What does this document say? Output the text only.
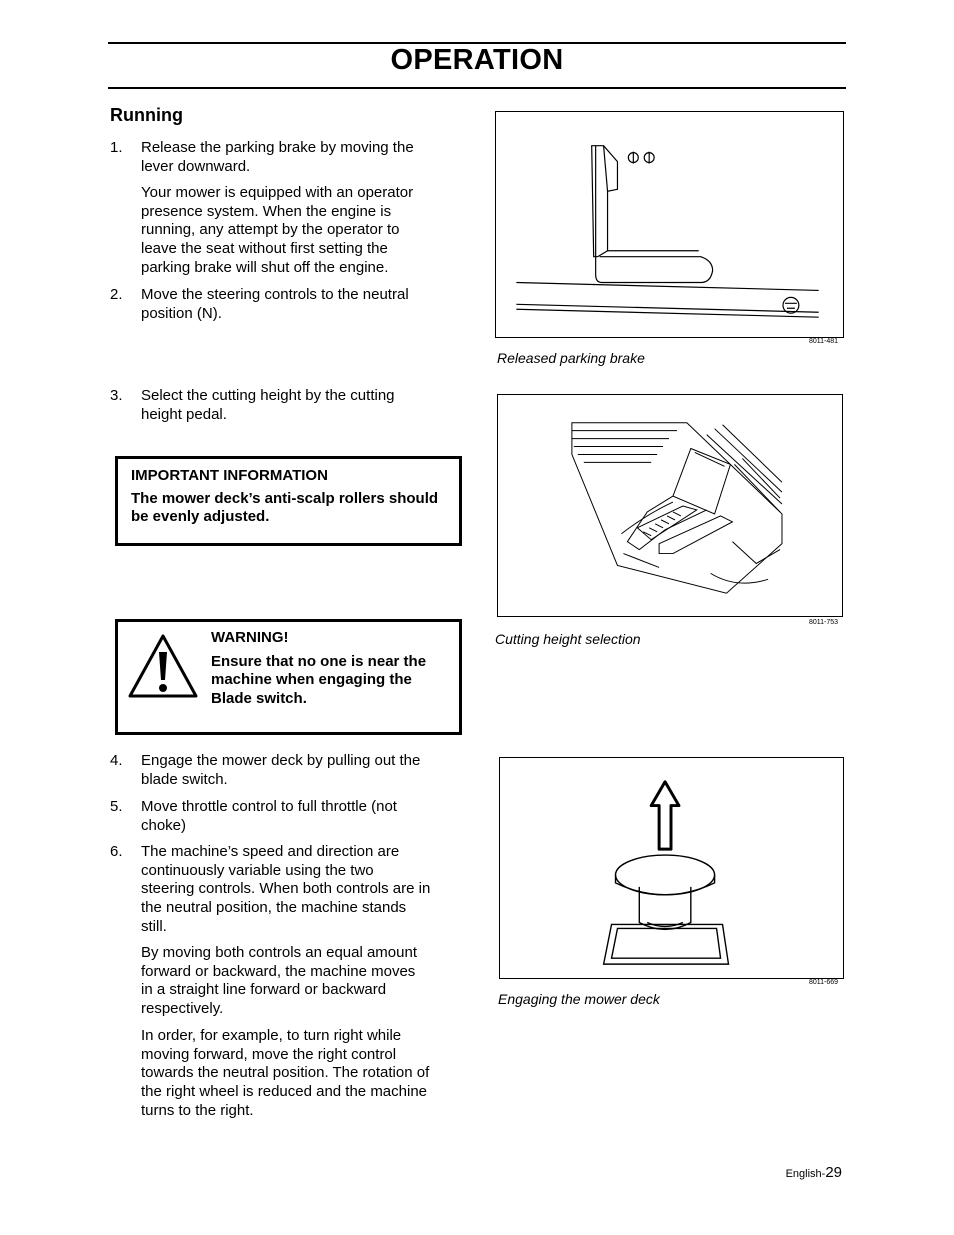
OPERATION
Running
1. Release the parking brake by moving the lever downward.
Your mower is equipped with an operator presence system. When the engine is running, any attempt by the operator to leave the seat without first setting the parking brake will shut off the engine.
2. Move the steering controls to the neutral position (N).
3. Select the cutting height by the cutting height pedal.
IMPORTANT INFORMATION
The mower deck’s anti-scalp rollers should be evenly adjusted.
WARNING!
Ensure that no one is near the machine when engaging the Blade switch.
4. Engage the mower deck by pulling out the blade switch.
5. Move throttle control to full throttle (not choke)
6. The machine’s speed and direction are continuously variable using the two steering controls. When both controls are in the neutral position, the machine stands still.
By moving both controls an equal amount forward or backward, the machine moves in a straight line forward or backward respectively.
In order, for example, to turn right while moving forward, move the right control towards the neutral position. The rotation of the right wheel is reduced and the machine turns to the right.
8011-481
Released parking brake
8011-753
Cutting height selection
8011-669
Engaging the mower deck
English-29
